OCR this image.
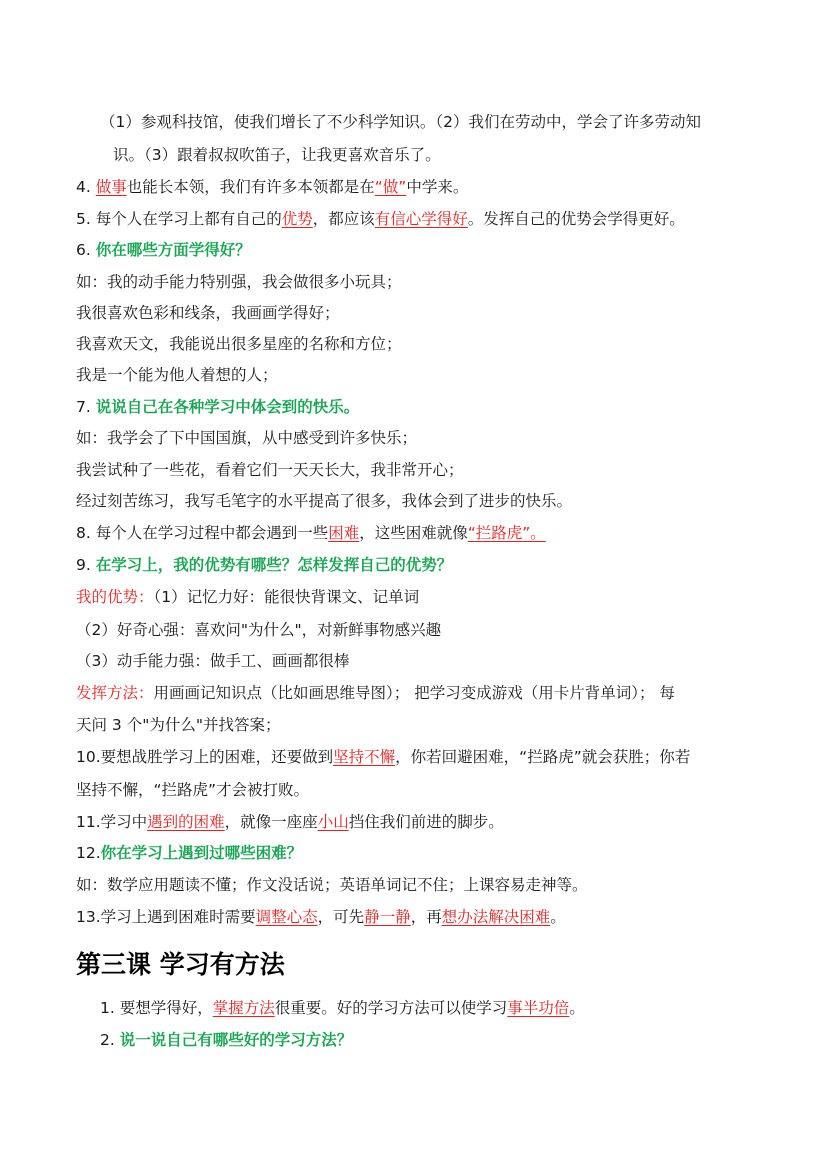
第三课 学习有方法
（1）参观科技馆，使我们增长了不少科学知识。（2）我们在劳动中，学会了许多劳动知
识。（3）跟着叔叔吹笛子，让我更喜欢音乐了。
4. 做事也能长本领，我们有许多本领都是在“做”中学来。
5. 每个人在学习上都有自己的优势，都应该有信心学得好。发挥自己的优势会学得更好。
6. 你在哪些方面学得好？
如：我的动手能力特别强，我会做很多小玩具；
我很喜欢色彩和线条，我画画学得好；
我喜欢天文，我能说出很多星座的名称和方位；
我是一个能为他人着想的人；
7. 说说自己在各种学习中体会到的快乐。
如：我学会了下中国国旗，从中感受到许多快乐；
我尝试种了一些花，看着它们一天天长大，我非常开心；
经过刻苦练习，我写毛笔字的水平提高了很多，我体会到了进步的快乐。
8. 每个人在学习过程中都会遇到一些困难，这些困难就像“拦路虎”。
9. 在学习上，我的优势有哪些？怎样发挥自己的优势？
我的优势：（1）记忆力好：能很快背课文、记单词
（2）好奇心强：喜欢问"为什么"，对新鲜事物感兴趣
（3）动手能力强：做手工、画画都很棒
发挥方法：用画画记知识点（比如画思维导图）； 把学习变成游戏（用卡片背单词）； 每
天问 3 个"为什么"并找答案；
10.要想战胜学习上的困难，还要做到坚持不懈，你若回避困难，“拦路虎”就会获胜；你若
坚持不懈，“拦路虎”才会被打败。
11.学习中遇到的困难，就像一座座小山挡住我们前进的脚步。
12.你在学习上遇到过哪些困难？
如：数学应用题读不懂；作文没话说；英语单词记不住；上课容易走神等。
13.学习上遇到困难时需要调整心态，可先静一静，再想办法解决困难。
1. 要想学得好，掌握方法很重要。好的学习方法可以使学习事半功倍。
2. 说一说自己有哪些好的学习方法？
